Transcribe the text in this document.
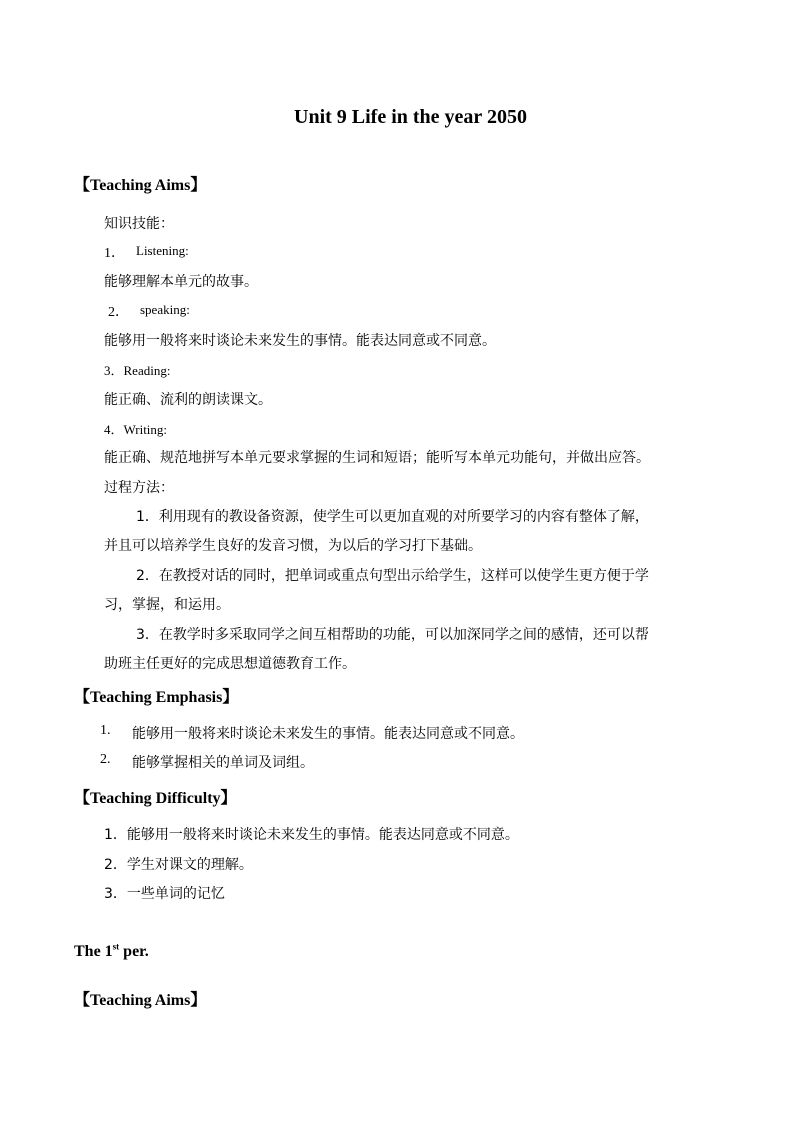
Unit 9 Life in the year 2050
【Teaching Aims】
知识技能：
1． Listening:
能够理解本单元的故事。
2． speaking:
能够用一般将来时谈论未来发生的事情。能表达同意或不同意。
3．Reading:
能正确、流利的朗读课文。
4．Writing:
能正确、规范地拼写本单元要求掌握的生词和短语；能听写本单元功能句，并做出应答。
过程方法：
1．利用现有的教设备资源，使学生可以更加直观的对所要学习的内容有整体了解，
并且可以培养学生良好的发音习惯，为以后的学习打下基础。
2．在教授对话的同时，把单词或重点句型出示给学生，这样可以使学生更方便于学
习，掌握，和运用。
3．在教学时多采取同学之间互相帮助的功能，可以加深同学之间的感情，还可以帮
助班主任更好的完成思想道德教育工作。
【Teaching Emphasis】
1. 能够用一般将来时谈论未来发生的事情。能表达同意或不同意。
2. 能够掌握相关的单词及词组。
【Teaching Difficulty】
1．能够用一般将来时谈论未来发生的事情。能表达同意或不同意。
2．学生对课文的理解。
3．一些单词的记忆
The 1st per.
【Teaching Aims】
